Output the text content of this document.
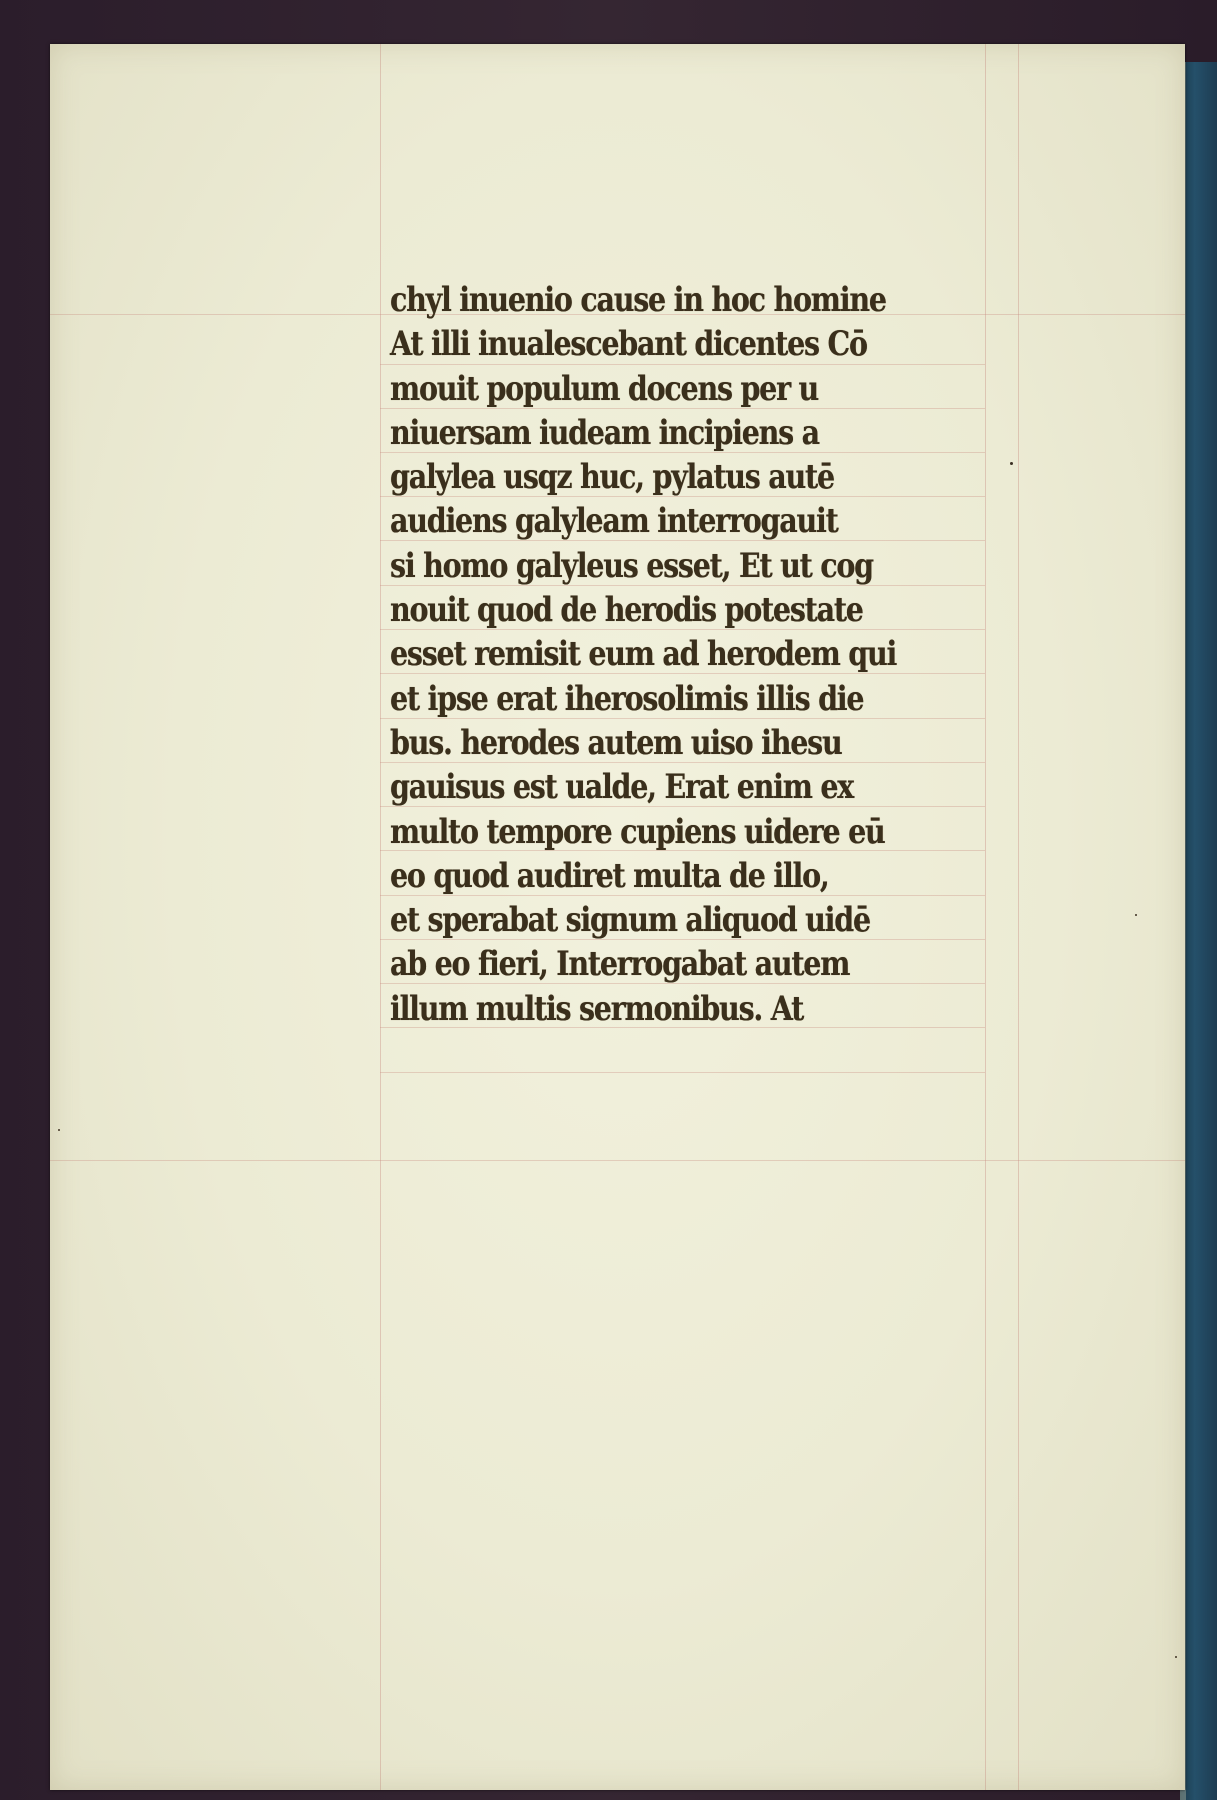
chyl inuenio cause in hoc homine
At illi inualescebant dicentes Cō
mouit populum docens per u
niuersam iudeam incipiens a
galylea usqz huc, pylatus autē
audiens galyleam interrogauit
si homo galyleus esset, Et ut cog
nouit quod de herodis potestate
esset remisit eum ad herodem qui
et ipse erat iherosolimis illis die
bus. herodes autem uiso ihesu
gauisus est ualde, Erat enim ex
multo tempore cupiens uidere eū
eo quod audiret multa de illo,
et sperabat signum aliquod uidē
ab eo fieri, Interrogabat autem
illum multis sermonibus. At
